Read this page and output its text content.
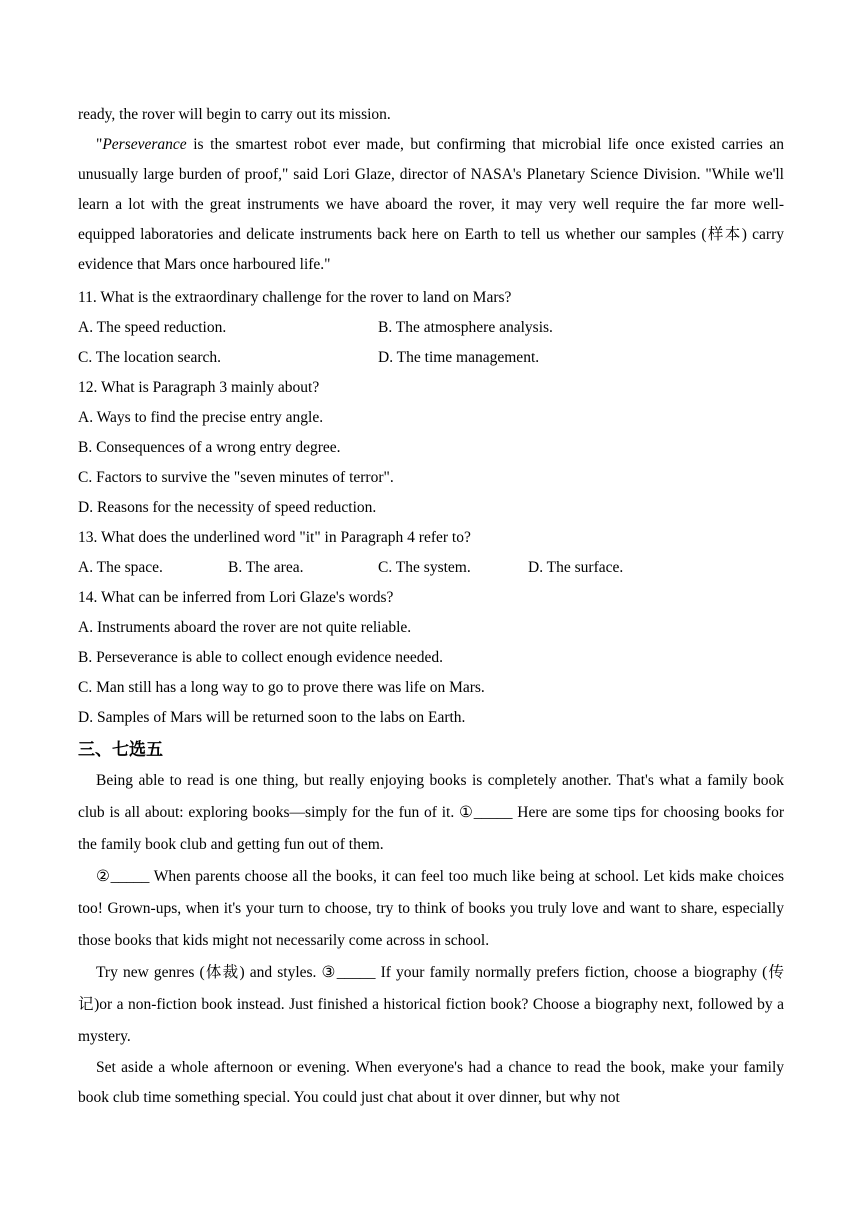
ready, the rover will begin to carry out its mission.

"Perseverance is the smartest robot ever made, but confirming that microbial life once existed carries an unusually large burden of proof," said Lori Glaze, director of NASA's Planetary Science Division. "While we'll learn a lot with the great instruments we have aboard the rover, it may very well require the far more well-equipped laboratories and delicate instruments back here on Earth to tell us whether our samples (样本) carry evidence that Mars once harboured life."

11. What is the extraordinary challenge for the rover to land on Mars?
A. The speed reduction.	B. The atmosphere analysis.
C. The location search.	D. The time management.
12. What is Paragraph 3 mainly about?
A. Ways to find the precise entry angle.
B. Consequences of a wrong entry degree.
C. Factors to survive the "seven minutes of terror".
D. Reasons for the necessity of speed reduction.
13. What does the underlined word "it" in Paragraph 4 refer to?
A. The space.	B. The area.	C. The system.	D. The surface.
14. What can be inferred from Lori Glaze's words?
A. Instruments aboard the rover are not quite reliable.
B. Perseverance is able to collect enough evidence needed.
C. Man still has a long way to go to prove there was life on Mars.
D. Samples of Mars will be returned soon to the labs on Earth.
三、七选五

Being able to read is one thing, but really enjoying books is completely another. That's what a family book club is all about: exploring books—simply for the fun of it. ①_____ Here are some tips for choosing books for the family book club and getting fun out of them.

②_____ When parents choose all the books, it can feel too much like being at school. Let kids make choices too! Grown-ups, when it's your turn to choose, try to think of books you truly love and want to share, especially those books that kids might not necessarily come across in school.

Try new genres (体裁) and styles. ③_____ If your family normally prefers fiction, choose a biography (传记)or a non-fiction book instead. Just finished a historical fiction book? Choose a biography next, followed by a mystery.

Set aside a whole afternoon or evening. When everyone's had a chance to read the book, make your family book club time something special. You could just chat about it over dinner, but why not
